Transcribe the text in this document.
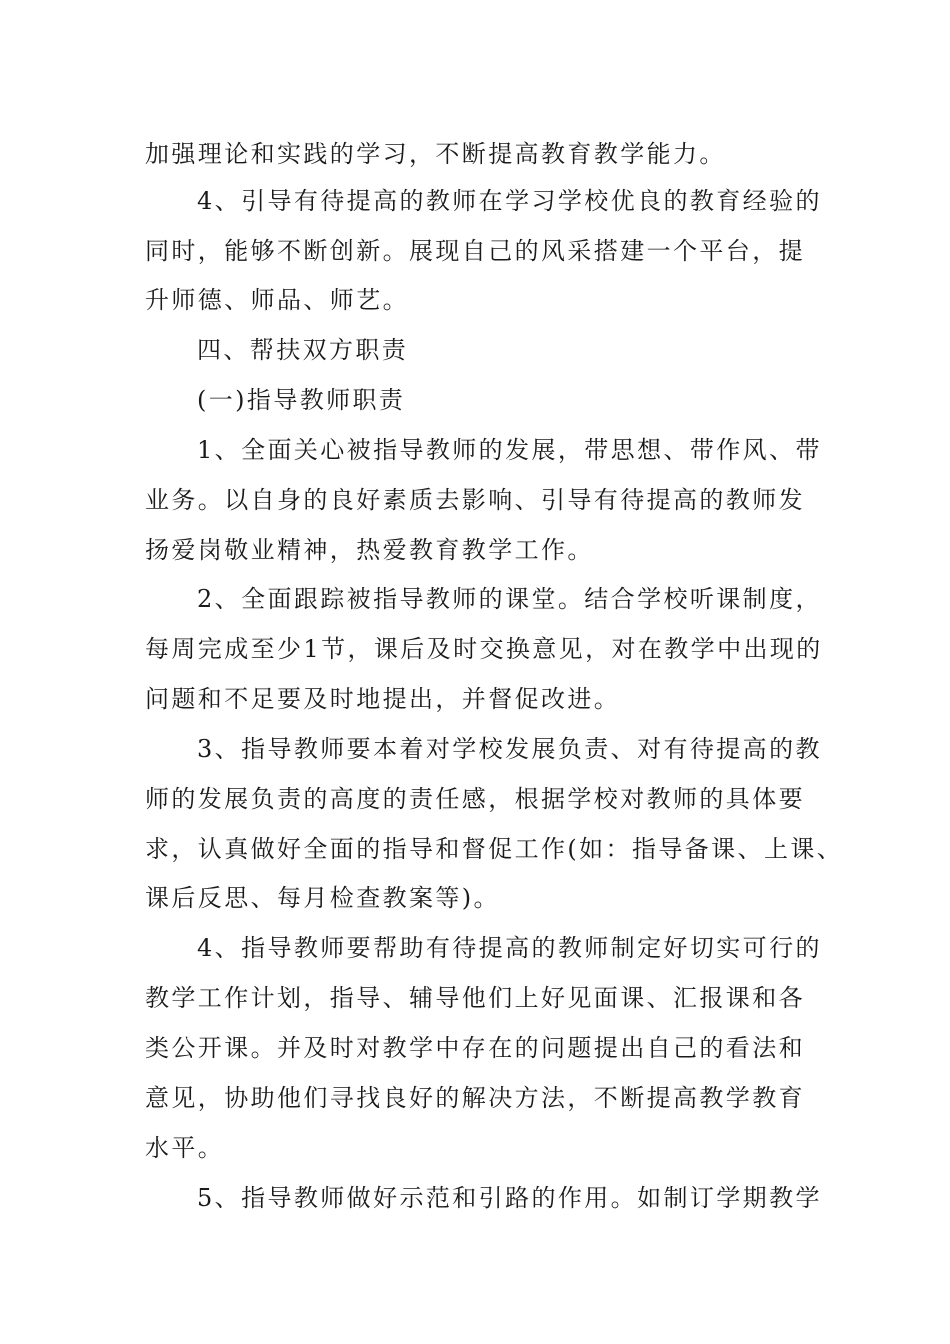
加强理论和实践的学习，不断提高教育教学能力。
4、引导有待提高的教师在学习学校优良的教育经验的
同时，能够不断创新。展现自己的风采搭建一个平台，提
升师德、师品、师艺。
四、帮扶双方职责
(一)指导教师职责
1、全面关心被指导教师的发展，带思想、带作风、带
业务。以自身的良好素质去影响、引导有待提高的教师发
扬爱岗敬业精神，热爱教育教学工作。
2、全面跟踪被指导教师的课堂。结合学校听课制度，
每周完成至少1节，课后及时交换意见，对在教学中出现的
问题和不足要及时地提出，并督促改进。
3、指导教师要本着对学校发展负责、对有待提高的教
师的发展负责的高度的责任感，根据学校对教师的具体要
求，认真做好全面的指导和督促工作(如：指导备课、上课、
课后反思、每月检查教案等)。
4、指导教师要帮助有待提高的教师制定好切实可行的
教学工作计划，指导、辅导他们上好见面课、汇报课和各
类公开课。并及时对教学中存在的问题提出自己的看法和
意见，协助他们寻找良好的解决方法，不断提高教学教育
水平。
5、指导教师做好示范和引路的作用。如制订学期教学
